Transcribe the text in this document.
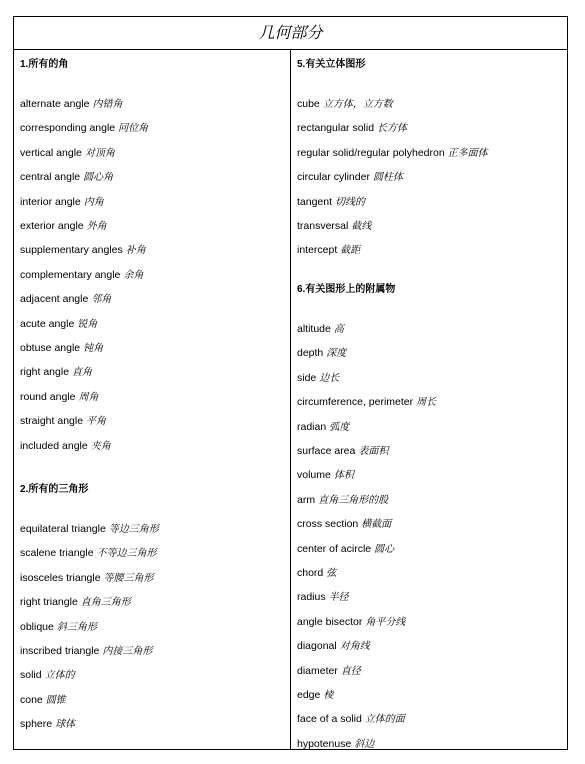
几何部分
1.所有的角
alternate angle 内错角
corresponding angle 同位角
vertical angle 对顶角
central angle 圆心角
interior angle 内角
exterior angle 外角
supplementary angles 补角
complementary angle 余角
adjacent angle 邻角
acute angle 锐角
obtuse angle 钝角
right angle 直角
round angle 周角
straight angle 平角
included angle 夹角
2.所有的三角形
equilateral triangle 等边三角形
scalene triangle 不等边三角形
isosceles triangle 等腰三角形
right triangle 直角三角形
oblique 斜三角形
inscribed triangle 内接三角形
solid 立体的
cone 圆锥
sphere 球体
5.有关立体图形
cube 立方体，立方数
rectangular solid 长方体
regular solid/regular polyhedron 正多面体
circular cylinder 圆柱体
tangent 切线的
transversal 截线
intercept 截距
6.有关图形上的附属物
altitude 高
depth 深度
side 边长
circumference, perimeter 周长
radian 弧度
surface area 表面积
volume 体积
arm 直角三角形的股
cross section 横截面
center of acircle 圆心
chord 弦
radius 半径
angle bisector 角平分线
diagonal 对角线
diameter 直径
edge 棱
face of a solid 立体的面
hypotenuse 斜边
